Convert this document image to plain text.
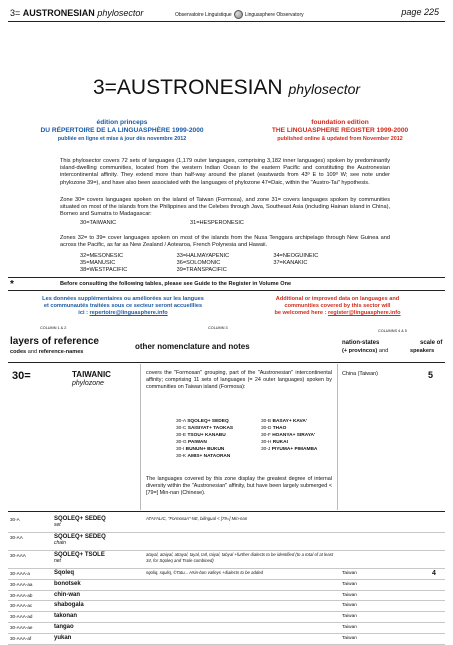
3= AUSTRONESIAN phylosector	Observatoire Linguistique	Linguasphere Observatory	page 225
3=AUSTRONESIAN phylosector
édition princeps
DU RÉPERTOIRE DE LA LINGUASPHÈRE 1999-2000
publiée en ligne et mise à jour dès novembre 2012
foundation edition
THE LINGUASPHERE REGISTER 1999-2000
published online & updated from November 2012
This phylosector covers 72 sets of languages (1,179 outer languages, comprising 3,182 inner languages) spoken by predominantly island-dwelling communities, located from the western Indian Ocean to the eastern Pacific and constituting the Austronesian intercontinental affinity. They extend more than half-way around the planet (eastwards from 43º E to 109º W; see note under phylozone 39=), and have also been associated with the languages of phylozone 47=Daic, within the "Austro-Tai" hypothesis.
Zone 30= covers languages spoken on the island of Taiwan (Formosa), and zone 31= covers languages spoken by communities situated on most of the islands from the Philippines and the Celebes through Java, Southeast Asia (including Hainan island in China), Borneo and Sumatra to Madagascar:
30=TAIWANIC	31=HESPERONESIC
Zones 32= to 39= cover languages spoken on most of the islands from the Nusa Tenggara archipelago through New Guinea and across the Pacific, as far as New Zealand / Aotearoa, French Polynesia and Hawaii.
32=MESONESIC	33=HALMAYAPENIC	34=NEOGUINEIC
35=MANUSIC	36=SOLOMONIC	37=KANAKIC
38=WESTPACIFIC	39=TRANSPACIFIC
*	Before consulting the following tables, please see Guide to the Register in Volume One
Les données supplémentaires ou améliorées sur les langues
et communautés traitées sous ce secteur seront accueillies
ici : repertoire@linguasphere.info
Additional or improved data on languages and
communities covered by this sector will
be welcomed here : register@linguasphere.info
COLUMN 1 & 2	COLUMN 3
COLUMNS 4 & 5
layers of reference
codes and reference-names
other nomenclature and notes	nation-states
(+ provincos) and
scale of
speakers
30=	TAIWANIC
phylozone
covers the "Formosan" grouping, part of the "Austronesian" intercontinental affinity; comprising 11 sets of languages (= 24 outer languages) spoken by communities on Taiwan island (Formosa):
China (Taiwan)	5
30-A SQOLEQ+ SEDEQ	30-B BASAY+ KAVA'
30-C SAISIYAT+ TAOKAS	30-D THAO
30-E TSOU+ KANABU	30-F HOANYA+ SIRAYA'
30-G PAIWAN	30-H RUKAI
30-I BUNUN+ BUKUN	30-J PIYUMA+ PIMAMBA
30-K AMIS+ NATAORAN
The languages covered by this zone display the greatest degree of internal diversity within the "Austronesian" affinity, but have been largely submerged < [79=] Min-nan (Chinese).
30-A	SQOLEQ+ SEDEQ
set
ATAYALIC, "Formosan"-NE, bilingual < [79=] Min-nan
30-AA	SQOLEQ+ SEDEQ
chain
30-AAA	SQOLEQ+ TSOLE
net
atayal, ataiyal, attayal, tayal, taïl, taiyal, tabyal +further dialects to be identified (to a total of at least 34, for Sqoleq and Tsole combined)
30-AAA-a	Sqoleq	sqoliq, squliq, ©Tatu... Hsin-bon valleys +dialects to be added	Taiwan	4
30-AAA-aa	bonotsek	Taiwan
30-AAA-ab	chin-wan	Taiwan
30-AAA-ac	shabogala	Taiwan
30-AAA-ad	takonan	Taiwan
30-AAA-ae	tangao	Taiwan
30-AAA-af	yukan	Taiwan
